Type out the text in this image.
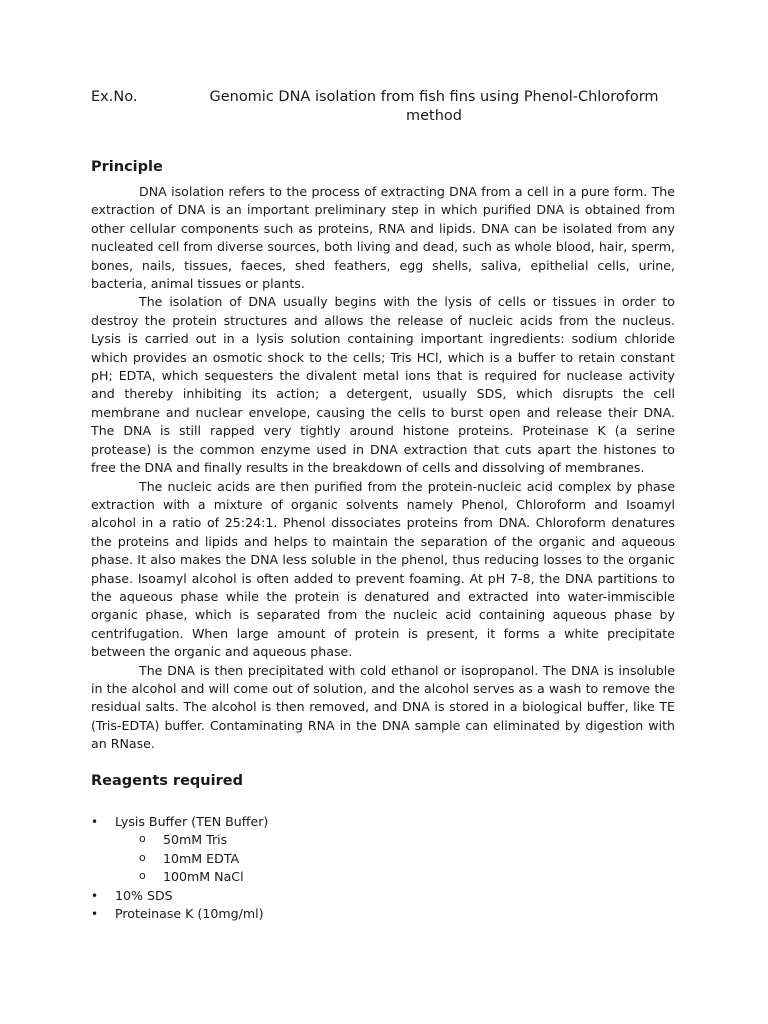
Ex.No.	Genomic DNA isolation from fish fins using Phenol-Chloroform method
Principle

DNA isolation refers to the process of extracting DNA from a cell in a pure form. The extraction of DNA is an important preliminary step in which purified DNA is obtained from other cellular components such as proteins, RNA and lipids. DNA can be isolated from any nucleated cell from diverse sources, both living and dead, such as whole blood, hair, sperm, bones, nails, tissues, faeces, shed feathers, egg shells, saliva, epithelial cells, urine, bacteria, animal tissues or plants.

The isolation of DNA usually begins with the lysis of cells or tissues in order to destroy the protein structures and allows the release of nucleic acids from the nucleus. Lysis is carried out in a lysis solution containing important ingredients: sodium chloride which provides an osmotic shock to the cells; Tris HCl, which is a buffer to retain constant pH; EDTA, which sequesters the divalent metal ions that is required for nuclease activity and thereby inhibiting its action; a detergent, usually SDS, which disrupts the cell membrane and nuclear envelope, causing the cells to burst open and release their DNA. The DNA is still rapped very tightly around histone proteins. Proteinase K (a serine protease) is the common enzyme used in DNA extraction that cuts apart the histones to free the DNA and finally results in the breakdown of cells and dissolving of membranes.

The nucleic acids are then purified from the protein-nucleic acid complex by phase extraction with a mixture of organic solvents namely Phenol, Chloroform and Isoamyl alcohol in a ratio of 25:24:1. Phenol dissociates proteins from DNA. Chloroform denatures the proteins and lipids and helps to maintain the separation of the organic and aqueous phase. It also makes the DNA less soluble in the phenol, thus reducing losses to the organic phase. Isoamyl alcohol is often added to prevent foaming. At pH 7-8, the DNA partitions to the aqueous phase while the protein is denatured and extracted into water-immiscible organic phase, which is separated from the nucleic acid containing aqueous phase by centrifugation. When large amount of protein is present, it forms a white precipitate between the organic and aqueous phase.

The DNA is then precipitated with cold ethanol or isopropanol. The DNA is insoluble in the alcohol and will come out of solution, and the alcohol serves as a wash to remove the residual salts. The alcohol is then removed, and DNA is stored in a biological buffer, like TE (Tris-EDTA) buffer. Contaminating RNA in the DNA sample can eliminated by digestion with an RNase.

Reagents required
• Lysis Buffer (TEN Buffer)
o 50mM Tris
o 10mM EDTA
o 100mM NaCl
• 10% SDS
• Proteinase K (10mg/ml)
